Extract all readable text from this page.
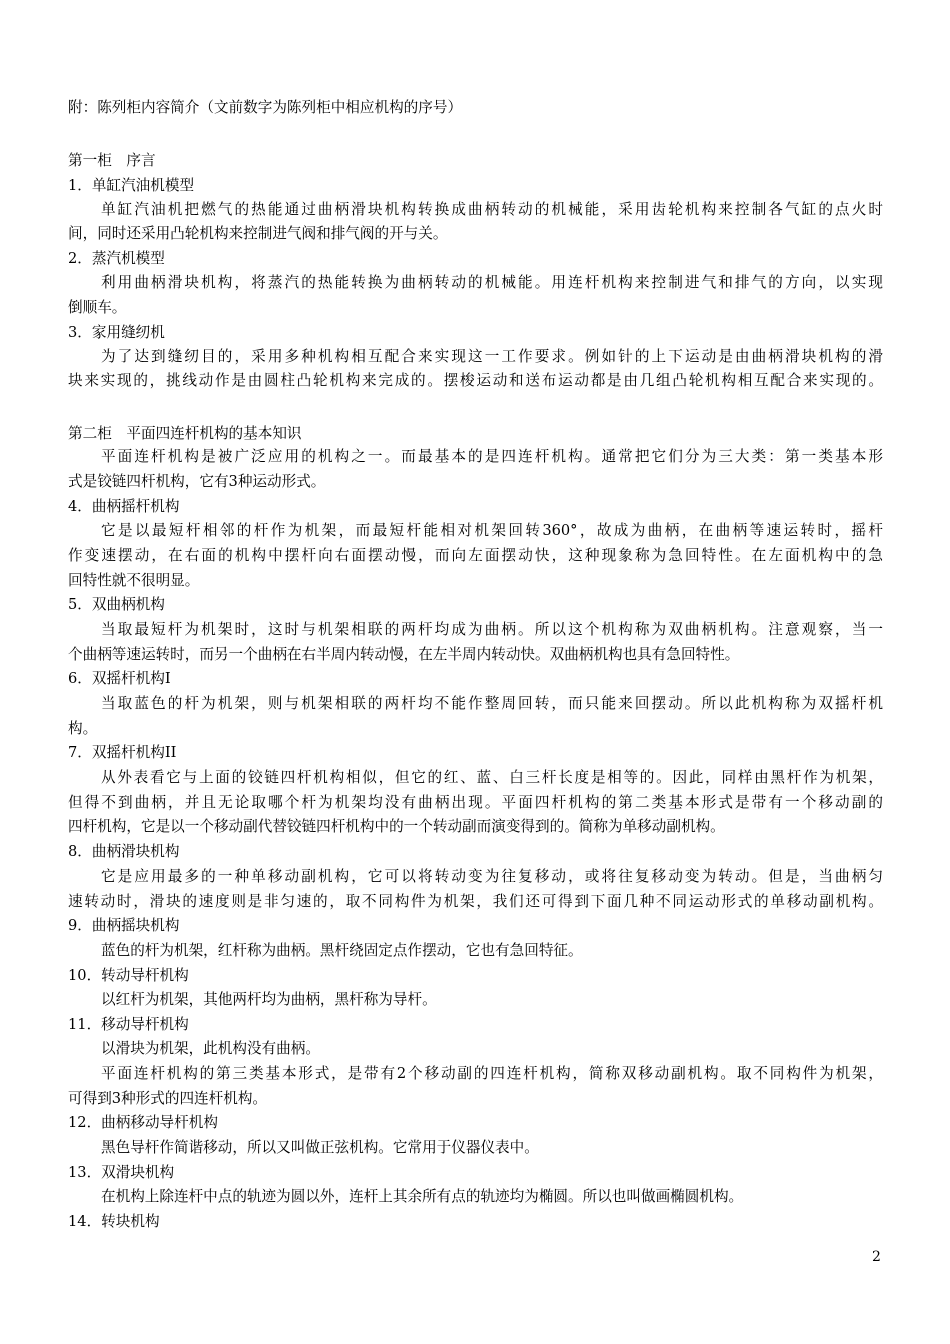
附：陈列柜内容简介（文前数字为陈列柜中相应机构的序号）
第一柜　序言
1．单缸汽油机模型
单缸汽油机把燃气的热能通过曲柄滑块机构转换成曲柄转动的机械能，采用齿轮机构来控制各气缸的点火时
间，同时还采用凸轮机构来控制进气阀和排气阀的开与关。
2．蒸汽机模型
利用曲柄滑块机构，将蒸汽的热能转换为曲柄转动的机械能。用连杆机构来控制进气和排气的方向，以实现
倒顺车。
3．家用缝纫机
为了达到缝纫目的，采用多种机构相互配合来实现这一工作要求。例如针的上下运动是由曲柄滑块机构的滑
块来实现的，挑线动作是由圆柱凸轮机构来完成的。摆梭运动和送布运动都是由几组凸轮机构相互配合来实现的。
第二柜　平面四连杆机构的基本知识
平面连杆机构是被广泛应用的机构之一。而最基本的是四连杆机构。通常把它们分为三大类：第一类基本形
式是铰链四杆机构，它有3种运动形式。
4．曲柄摇杆机构
它是以最短杆相邻的杆作为机架，而最短杆能相对机架回转360°，故成为曲柄，在曲柄等速运转时，摇杆
作变速摆动，在右面的机构中摆杆向右面摆动慢，而向左面摆动快，这种现象称为急回特性。在左面机构中的急
回特性就不很明显。
5．双曲柄机构
当取最短杆为机架时，这时与机架相联的两杆均成为曲柄。所以这个机构称为双曲柄机构。注意观察，当一
个曲柄等速运转时，而另一个曲柄在右半周内转动慢，在左半周内转动快。双曲柄机构也具有急回特性。
6．双摇杆机构I
当取蓝色的杆为机架，则与机架相联的两杆均不能作整周回转，而只能来回摆动。所以此机构称为双摇杆机
构。
7．双摇杆机构II
从外表看它与上面的铰链四杆机构相似，但它的红、蓝、白三杆长度是相等的。因此，同样由黑杆作为机架，
但得不到曲柄，并且无论取哪个杆为机架均没有曲柄出现。平面四杆机构的第二类基本形式是带有一个移动副的
四杆机构，它是以一个移动副代替铰链四杆机构中的一个转动副而演变得到的。简称为单移动副机构。
8．曲柄滑块机构
它是应用最多的一种单移动副机构，它可以将转动变为往复移动，或将往复移动变为转动。但是，当曲柄匀
速转动时，滑块的速度则是非匀速的，取不同构件为机架，我们还可得到下面几种不同运动形式的单移动副机构。
9．曲柄摇块机构
蓝色的杆为机架，红杆称为曲柄。黑杆绕固定点作摆动，它也有急回特征。
10．转动导杆机构
以红杆为机架，其他两杆均为曲柄，黑杆称为导杆。
11．移动导杆机构
以滑块为机架，此机构没有曲柄。
平面连杆机构的第三类基本形式，是带有2个移动副的四连杆机构，简称双移动副机构。取不同构件为机架，
可得到3种形式的四连杆机构。
12．曲柄移动导杆机构
黑色导杆作简谐移动，所以又叫做正弦机构。它常用于仪器仪表中。
13．双滑块机构
在机构上除连杆中点的轨迹为圆以外，连杆上其余所有点的轨迹均为椭圆。所以也叫做画椭圆机构。
14．转块机构
2
